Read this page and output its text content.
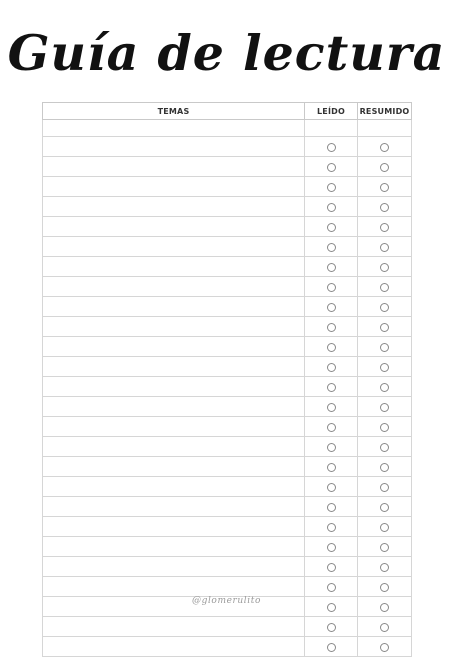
Guía de lectura
TEMAS	LEÍDO	RESUMIDO

@glomerulito
